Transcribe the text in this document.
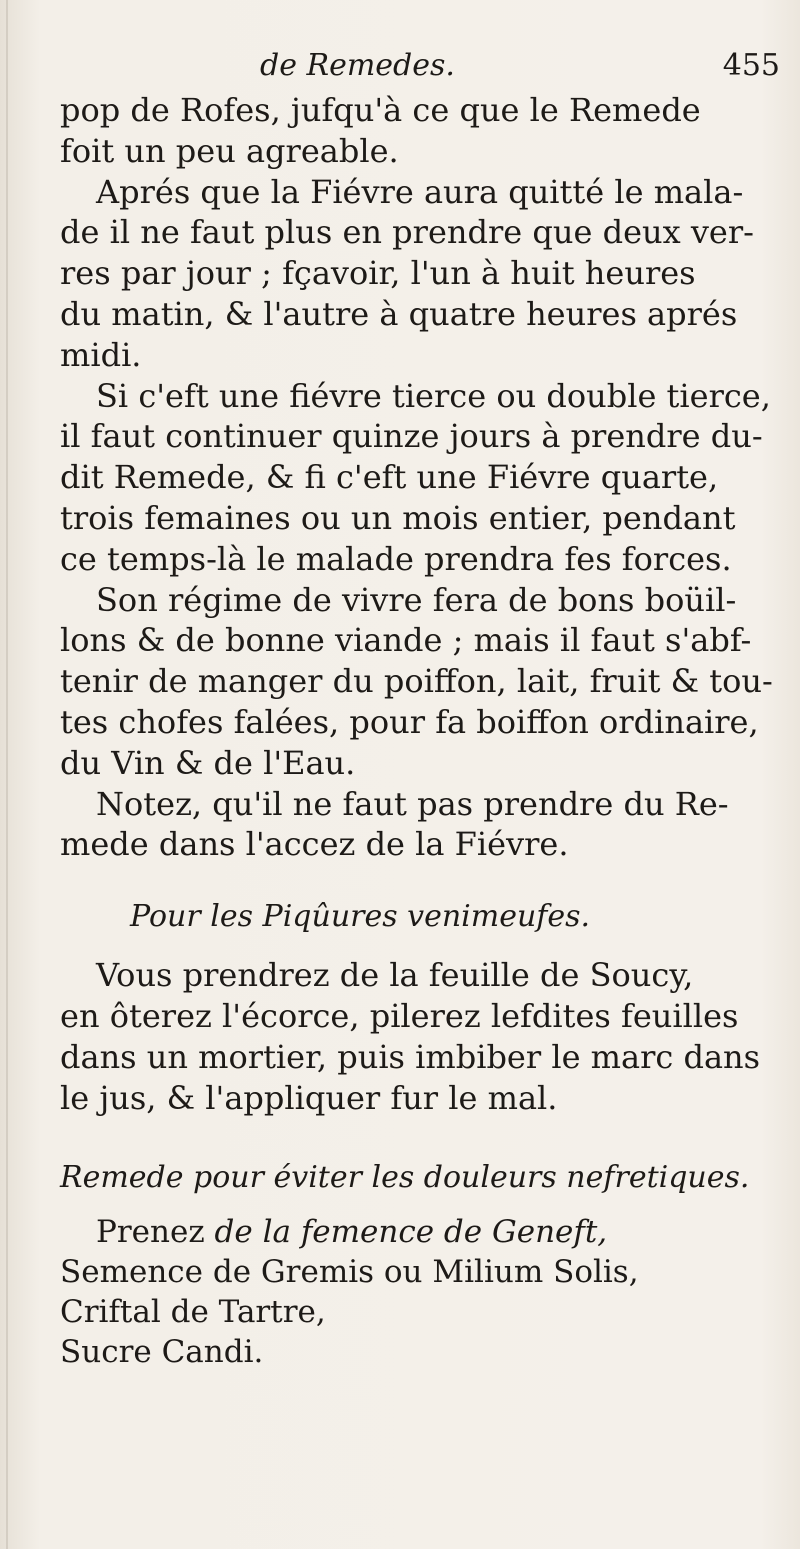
de Remedes.	455
pop de Rofes, jufqu'à ce que le Remede
foit un peu agreable.
Aprés que la Fiévre aura quitté le mala-
de il ne faut plus en prendre que deux ver-
res par jour ; fçavoir, l'un à huit heures
du matin, & l'autre à quatre heures aprés
midi.
Si c'eft une fiévre tierce ou double tierce,
il faut continuer quinze jours à prendre du-
dit Remede, & fi c'eft une Fiévre quarte,
trois femaines ou un mois entier, pendant
ce temps-là le malade prendra fes forces.
Son régime de vivre fera de bons boüil-
lons & de bonne viande ; mais il faut s'abf-
tenir de manger du poiffon, lait, fruit & tou-
tes chofes falées, pour fa boiffon ordinaire,
du Vin & de l'Eau.
Notez, qu'il ne faut pas prendre du Re-
mede dans l'accez de la Fiévre.
Pour les Piqûures venimeufes.
Vous prendrez de la feuille de Soucy,
en ôterez l'écorce, pilerez lefdites feuilles
dans un mortier, puis imbiber le marc dans
le jus, & l'appliquer fur le mal.
Remede pour éviter les douleurs nefretiques.
Prenez de la femence de Geneft,
Semence de Gremis ou Milium Solis,
Criftal de Tartre,
Sucre Candi.
